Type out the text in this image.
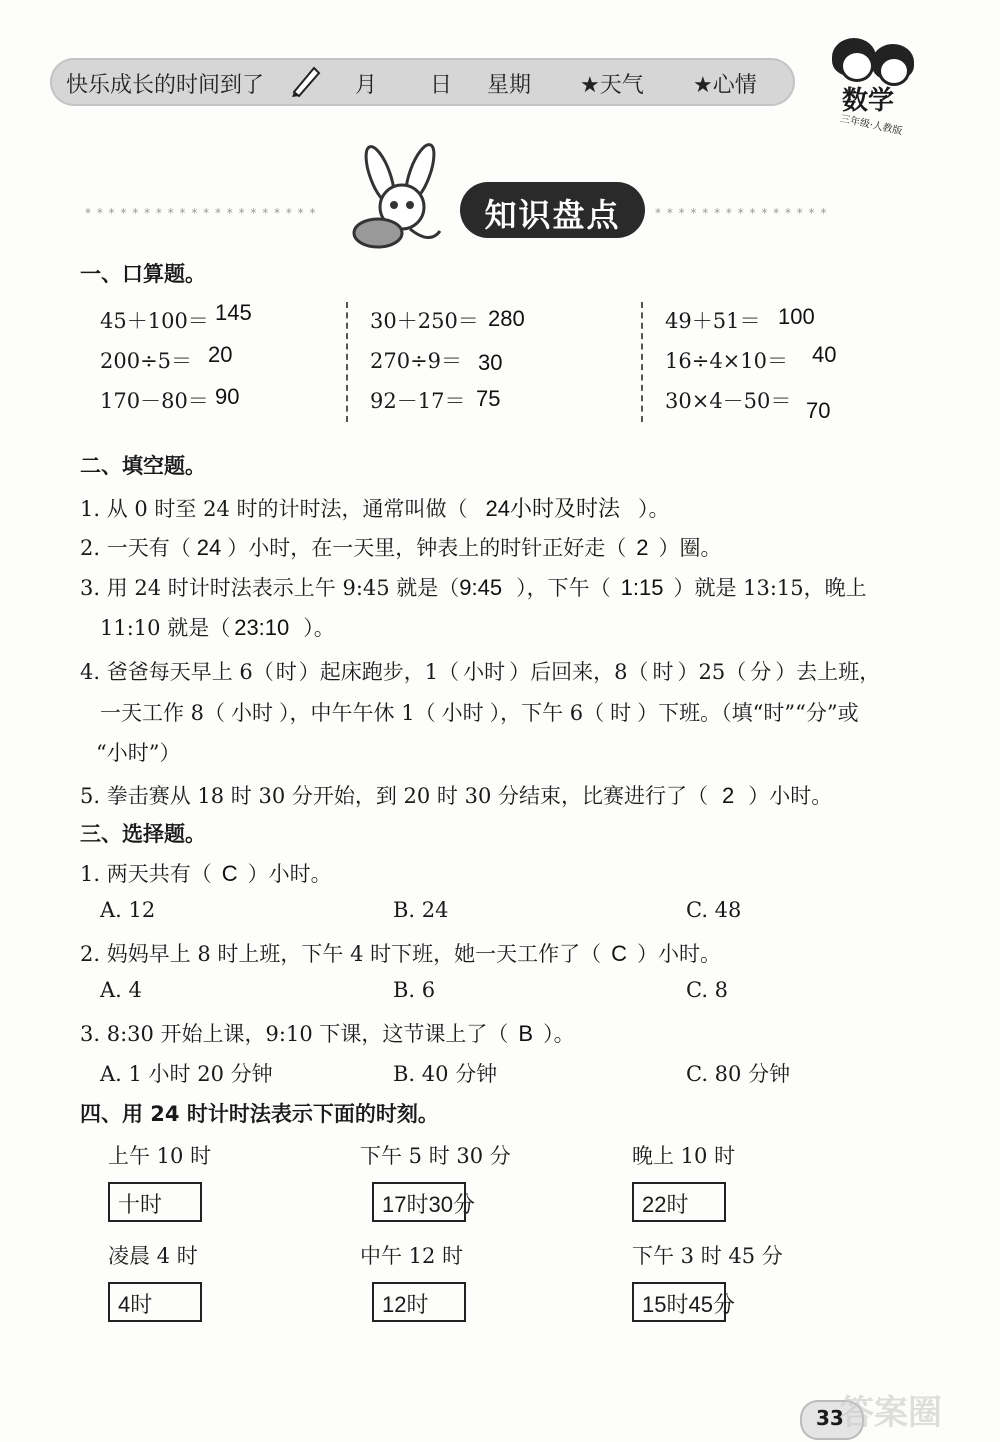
快乐成长的时间到了	月 日 星期 ★天气 ★心情
数学
三年级·人教版
* * * * * * * * * * * * * * * * * * * *	* * * * * * * * * * * * * * *
知识盘点
一、口算题。
45＋100＝ 145
200÷5＝ 20
170－80＝ 90
30＋250＝ 280
270÷9＝ 30
92－17＝ 75
49＋51＝ 100
16÷4×10＝ 40
30×4－50＝ 70
二、填空题。
1. 从 0 时至 24 时的计时法，通常叫做（ 24小时及时法 ）。
2. 一天有（ 24 ）小时，在一天里，钟表上的时针正好走（ 2 ）圈。
3. 用 24 时计时法表示上午 9:45 就是（9:45 ），下午（ 1:15 ）就是 13:15，晚上
11:10 就是（ 23:10 ）。
4. 爸爸每天早上 6（时）起床跑步，1（ 小时 ）后回来，8（ 时 ）25（ 分 ）去上班，
一天工作 8（ 小时 ），中午午休 1（ 小时 ），下午 6（ 时 ）下班。（填“时”“分”或
“小时”）
5. 拳击赛从 18 时 30 分开始，到 20 时 30 分结束，比赛进行了（ 2 ）小时。
三、选择题。
1. 两天共有（ C ）小时。
A. 12	B. 24	C. 48
2. 妈妈早上 8 时上班，下午 4 时下班，她一天工作了（ C ）小时。
A. 4	B. 6	C. 8
3. 8:30 开始上课，9:10 下课，这节课上了（ B ）。
A. 1 小时 20 分钟	B. 40 分钟	C. 80 分钟
四、用 24 时计时法表示下面的时刻。
上午 10 时
十时
下午 5 时 30 分
17时30分
晚上 10 时
22时
凌晨 4 时
4时
中午 12 时
12时
下午 3 时 45 分
15时45分
33
答案圈
